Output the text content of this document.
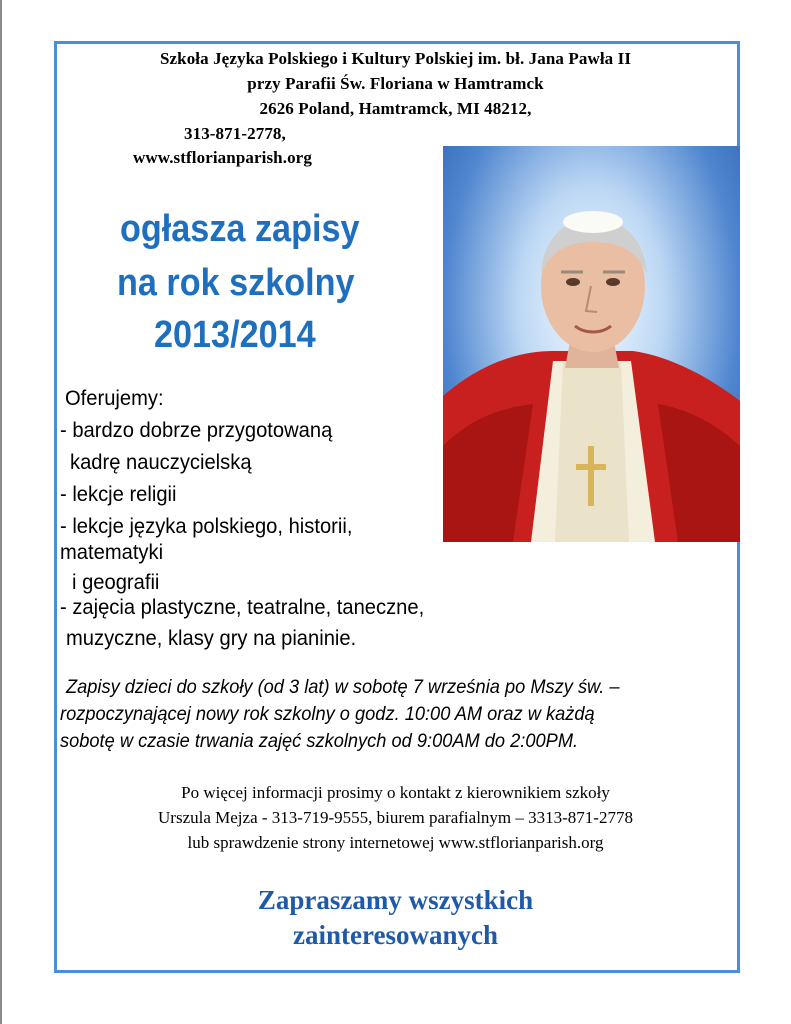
Szkoła Języka Polskiego i Kultury Polskiej im. bł. Jana Pawła II
przy Parafii Św. Floriana w Hamtramck
2626 Poland, Hamtramck, MI 48212,
313-871-2778,
www.stflorianparish.org
ogłasza zapisy
na rok szkolny
2013/2014
Oferujemy:
- bardzo dobrze przygotowaną
kadrę nauczycielską
- lekcje religii
- lekcje języka polskiego, historii,
matematyki
i geografii
- zajęcia plastyczne, teatralne, taneczne,
muzyczne, klasy gry na pianinie.
Zapisy dzieci do szkoły (od 3 lat) w sobotę 7 września po Mszy św. –
rozpoczynającej nowy rok szkolny o godz. 10:00 AM oraz w każdą
sobotę w czasie trwania zajęć szkolnych od 9:00AM do 2:00PM.
Po więcej informacji prosimy o kontakt z kierownikiem szkoły
Urszula Mejza - 313-719-9555, biurem parafialnym – 3313-871-2778
lub sprawdzenie strony internetowej www.stflorianparish.org
Zapraszamy wszystkich
zainteresowanych
